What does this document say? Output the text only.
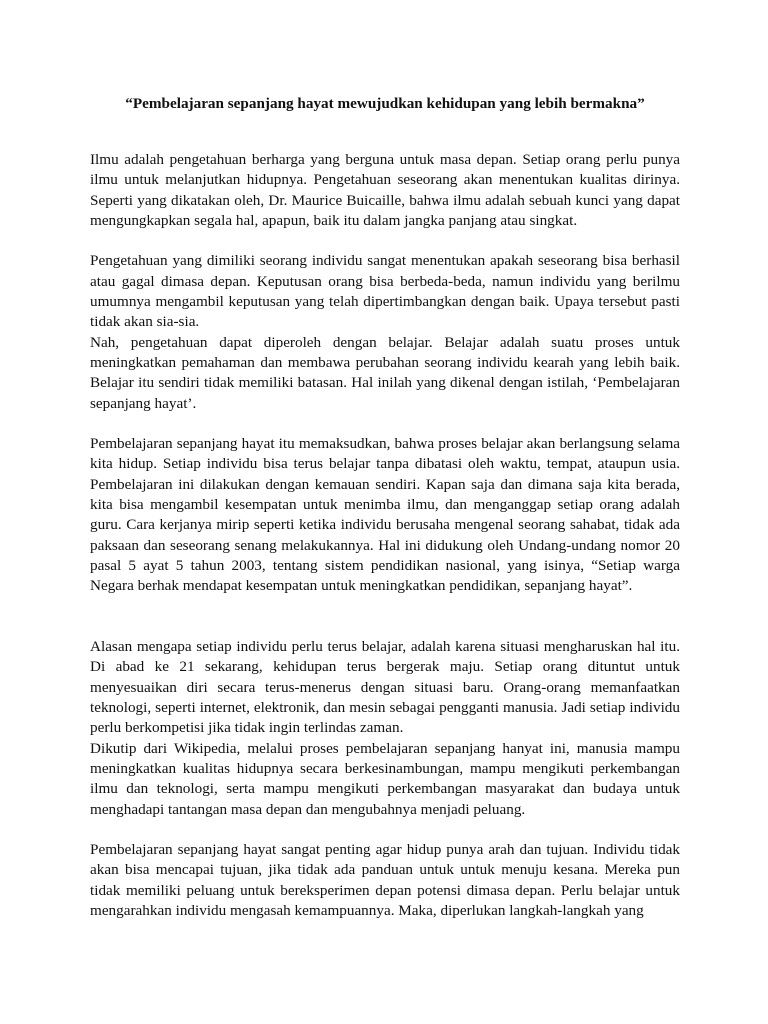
“Pembelajaran sepanjang hayat mewujudkan kehidupan yang lebih bermakna”

Ilmu adalah pengetahuan berharga yang berguna untuk masa depan. Setiap orang perlu punya ilmu untuk melanjutkan hidupnya. Pengetahuan seseorang akan menentukan kualitas dirinya. Seperti yang dikatakan oleh, Dr. Maurice Buicaille, bahwa ilmu adalah sebuah kunci yang dapat mengungkapkan segala hal, apapun, baik itu dalam jangka panjang atau singkat.

Pengetahuan yang dimiliki seorang individu sangat menentukan apakah seseorang bisa berhasil atau gagal dimasa depan. Keputusan orang bisa berbeda-beda, namun individu yang berilmu umumnya mengambil keputusan yang telah dipertimbangkan dengan baik. Upaya tersebut pasti tidak akan sia-sia.

Nah, pengetahuan dapat diperoleh dengan belajar. Belajar adalah suatu proses untuk meningkatkan pemahaman dan membawa perubahan seorang individu kearah yang lebih baik. Belajar itu sendiri tidak memiliki batasan. Hal inilah yang dikenal dengan istilah, ‘Pembelajaran sepanjang hayat’.

Pembelajaran sepanjang hayat itu memaksudkan, bahwa proses belajar akan berlangsung selama kita hidup. Setiap individu bisa terus belajar tanpa dibatasi oleh waktu, tempat, ataupun usia. Pembelajaran ini dilakukan dengan kemauan sendiri. Kapan saja dan dimana saja kita berada, kita bisa mengambil kesempatan untuk menimba ilmu, dan menganggap setiap orang adalah guru. Cara kerjanya mirip seperti ketika individu berusaha mengenal seorang sahabat, tidak ada paksaan dan seseorang senang melakukannya. Hal ini didukung oleh Undang-undang nomor 20 pasal 5 ayat 5 tahun 2003, tentang sistem pendidikan nasional, yang isinya, “Setiap warga Negara berhak mendapat kesempatan untuk meningkatkan pendidikan, sepanjang hayat”.

Alasan mengapa setiap individu perlu terus belajar, adalah karena situasi mengharuskan hal itu. Di abad ke 21 sekarang, kehidupan terus bergerak maju. Setiap orang dituntut untuk menyesuaikan diri secara terus-menerus dengan situasi baru. Orang-orang memanfaatkan teknologi, seperti internet, elektronik, dan mesin sebagai pengganti manusia. Jadi setiap individu perlu berkompetisi jika tidak ingin terlindas zaman.

Dikutip dari Wikipedia, melalui proses pembelajaran sepanjang hanyat ini, manusia mampu meningkatkan kualitas hidupnya secara berkesinambungan, mampu mengikuti perkembangan ilmu dan teknologi, serta mampu mengikuti perkembangan masyarakat dan budaya untuk menghadapi tantangan masa depan dan mengubahnya menjadi peluang.

Pembelajaran sepanjang hayat sangat penting agar hidup punya arah dan tujuan. Individu tidak akan bisa mencapai tujuan, jika tidak ada panduan untuk untuk menuju kesana. Mereka pun tidak memiliki peluang untuk bereksperimen depan potensi dimasa depan. Perlu belajar untuk mengarahkan individu mengasah kemampuannya. Maka, diperlukan langkah-langkah yang
